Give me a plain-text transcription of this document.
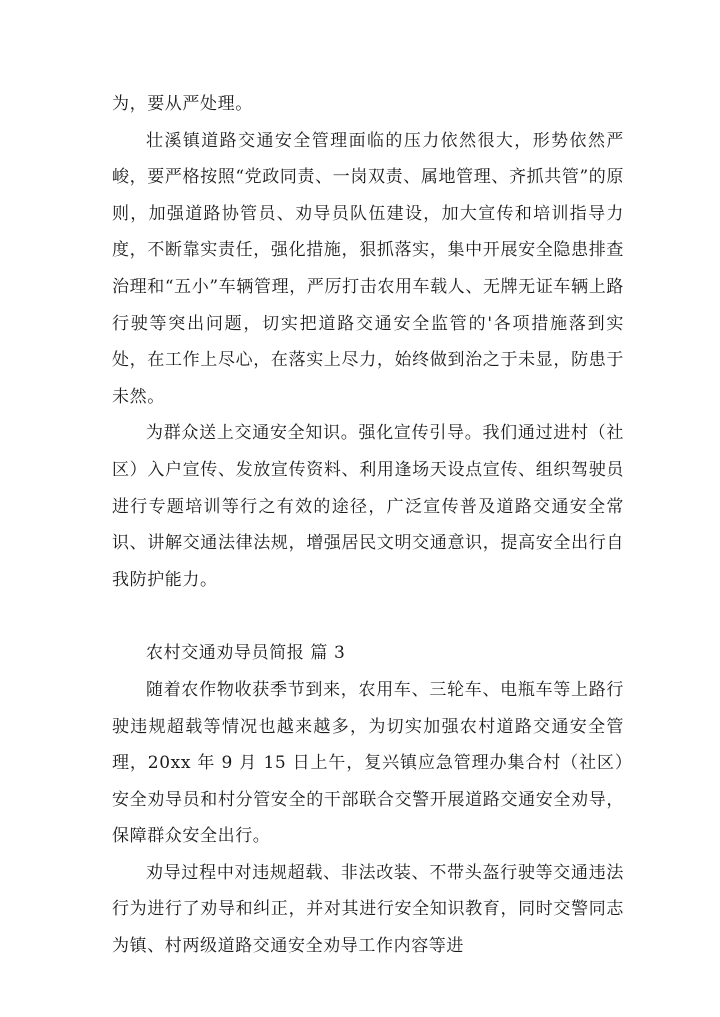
为，要从严处理。

壮溪镇道路交通安全管理面临的压力依然很大，形势依然严峻，要严格按照“党政同责、一岗双责、属地管理、齐抓共管”的原则，加强道路协管员、劝导员队伍建设，加大宣传和培训指导力度，不断靠实责任，强化措施，狠抓落实，集中开展安全隐患排查治理和“五小”车辆管理，严厉打击农用车载人、无牌无证车辆上路行驶等突出问题，切实把道路交通安全监管的'各项措施落到实处，在工作上尽心，在落实上尽力，始终做到治之于未显，防患于未然。

为群众送上交通安全知识。强化宣传引导。我们通过进村（社区）入户宣传、发放宣传资料、利用逢场天设点宣传、组织驾驶员进行专题培训等行之有效的途径，广泛宣传普及道路交通安全常识、讲解交通法律法规，增强居民文明交通意识，提高安全出行自我防护能力。

农村交通劝导员简报 篇 3

随着农作物收获季节到来，农用车、三轮车、电瓶车等上路行驶违规超载等情况也越来越多，为切实加强农村道路交通安全管理，20xx 年 9 月 15 日上午，复兴镇应急管理办集合村（社区）安全劝导员和村分管安全的干部联合交警开展道路交通安全劝导，保障群众安全出行。

劝导过程中对违规超载、非法改装、不带头盔行驶等交通违法行为进行了劝导和纠正，并对其进行安全知识教育，同时交警同志为镇、村两级道路交通安全劝导工作内容等进
